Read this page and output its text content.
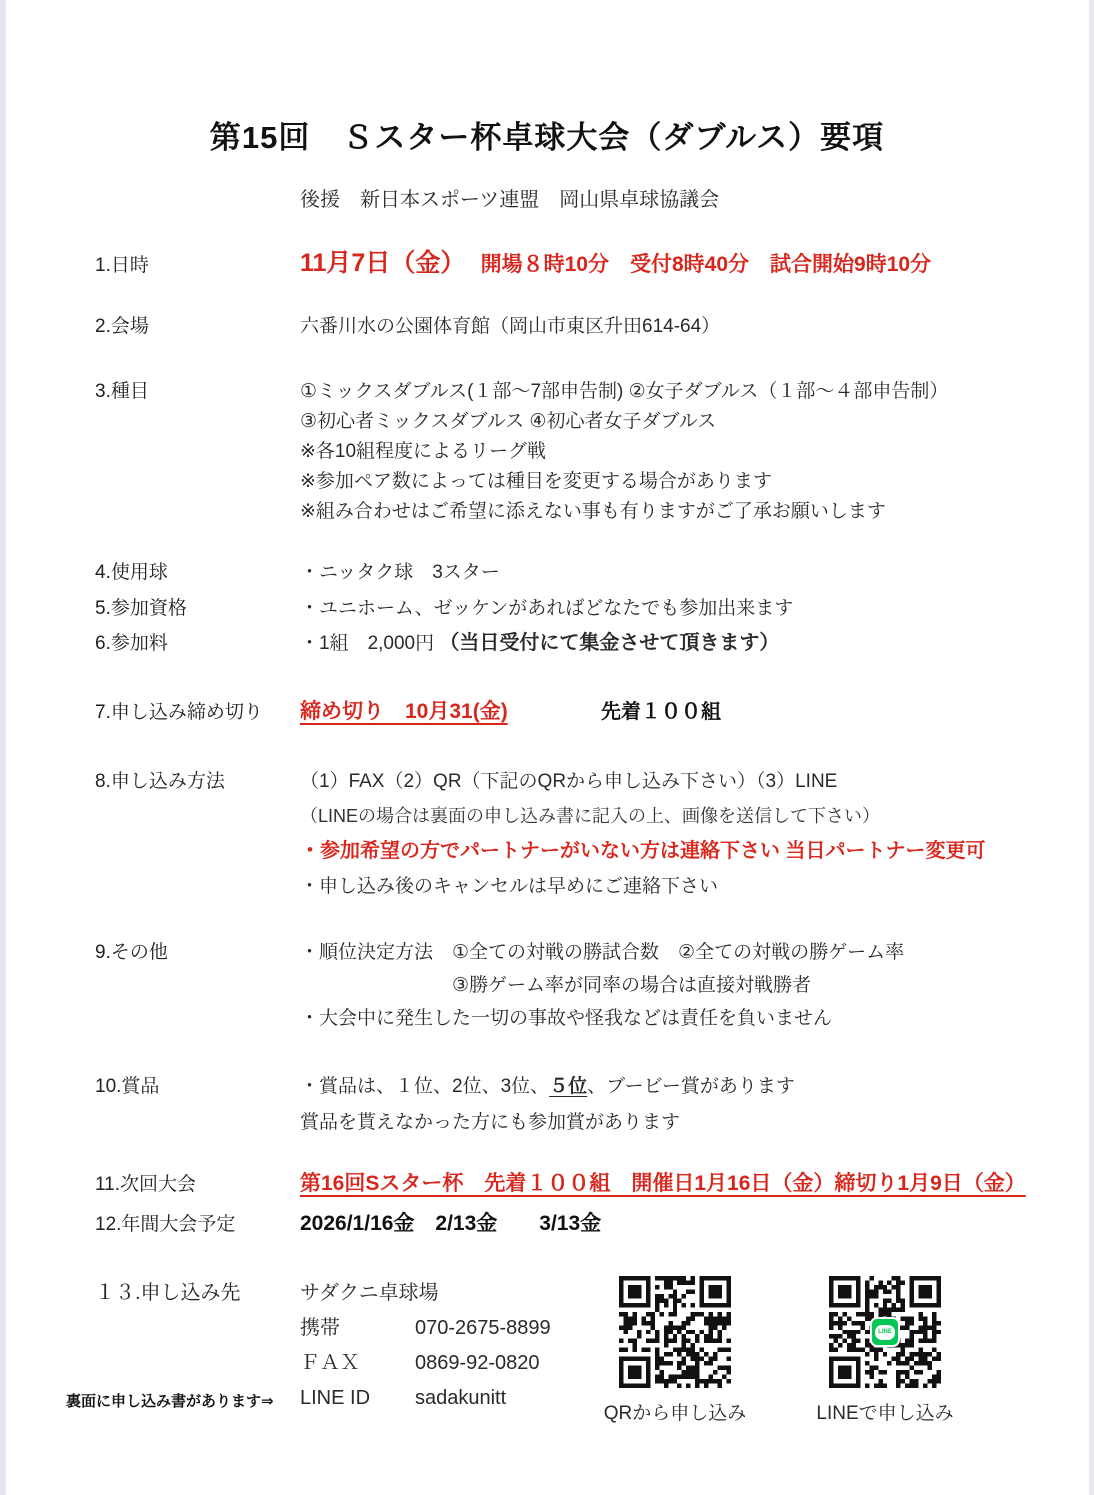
第15回　Ｓスター杯卓球大会（ダブルス）要項
後援　新日本スポーツ連盟　岡山県卓球協議会
1.日時	11月7日（金） 開場８時10分　受付8時40分　試合開始9時10分
2.会場	六番川水の公園体育館（岡山市東区升田614-64）
3.種目	①ミックスダブルス(１部〜7部申告制) ②女子ダブルス（１部〜４部申告制）
③初心者ミックスダブルス ④初心者女子ダブルス
※各10組程度によるリーグ戦
※参加ペア数によっては種目を変更する場合があります
※組み合わせはご希望に添えない事も有りますがご了承お願いします
4.使用球	・ニッタク球　3スター
5.参加資格	・ユニホーム、ゼッケンがあればどなたでも参加出来ます
6.参加料	・1組　2,000円 （当日受付にて集金させて頂きます）
7.申し込み締め切り	締め切り　10月31(金)	先着１００組
8.申し込み方法	（1）FAX（2）QR（下記のQRから申し込み下さい）（3）LINE
（LINEの場合は裏面の申し込み書に記入の上、画像を送信して下さい）
・参加希望の方でパートナーがいない方は連絡下さい 当日パートナー変更可
・申し込み後のキャンセルは早めにご連絡下さい
9.その他	・順位決定方法　①全ての対戦の勝試合数　②全ての対戦の勝ゲーム率
③勝ゲーム率が同率の場合は直接対戦勝者
・大会中に発生した一切の事故や怪我などは責任を負いません
10.賞品	・賞品は、１位、2位、3位、５位、ブービー賞があります
賞品を貰えなかった方にも参加賞があります
11.次回大会	第16回Sスター杯　先着１００組　開催日1月16日（金）締切り1月9日（金）
12.年間大会予定	2026/1/16金　2/13金　　3/13金
１３.申し込み先
裏面に申し込み書があります⇒
サダクニ卓球場
携帯	070-2675-8899
ＦＡＸ	0869-92-0820
LINE ID	sadakunitt
QRから申し込み
LINE
LINEで申し込み
